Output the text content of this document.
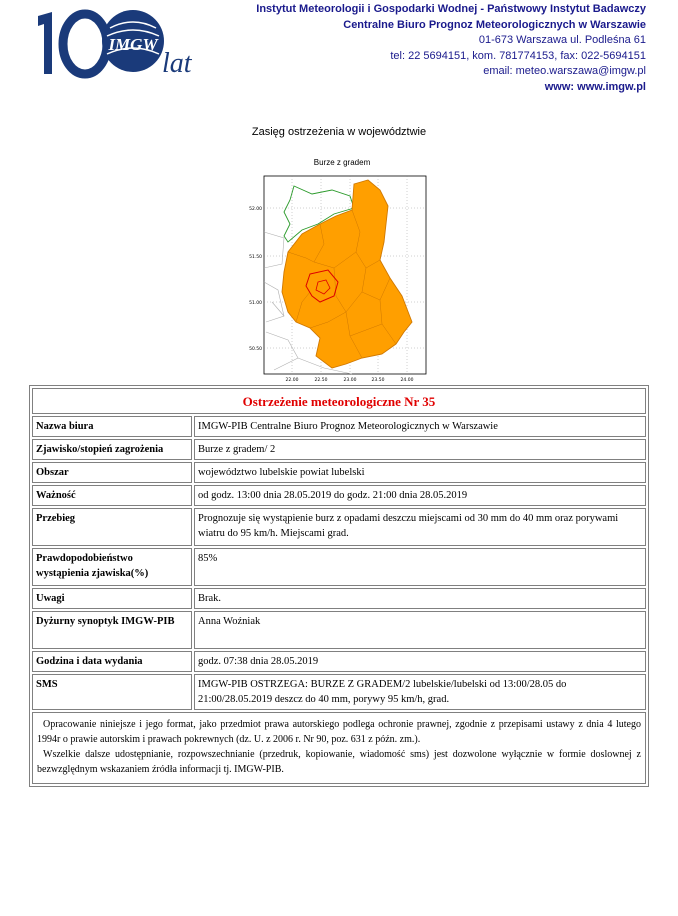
IMGW
lat
Instytut Meteorologii i Gospodarki Wodnej - Państwowy Instytut Badawczy
Centralne Biuro Prognoz Meteorologicznych w Warszawie
01-673 Warszawa ul. Podleśna 61
tel: 22 5694151, kom. 781774153, fax: 022-5694151
email: meteo.warszawa@imgw.pl
www: www.imgw.pl
Zasięg ostrzeżenia w województwie
Burze z gradem
52.00
51.50
51.00
50.50
22.00	22.50	23.00	23.50	24.00
Ostrzeżenie meteorologiczne Nr 35	
Nazwa biura	IMGW-PIB Centralne Biuro Prognoz Meteorologicznych w Warszawie
Zjawisko/stopień zagrożenia	Burze z gradem/ 2
Obszar	województwo lubelskie powiat lubelski
Ważność	od godz. 13:00 dnia 28.05.2019 do godz. 21:00 dnia 28.05.2019
Przebieg	Prognozuje się wystąpienie burz z opadami deszczu miejscami od 30 mm do 40 mm oraz porywami wiatru do 95 km/h. Miejscami grad.
Prawdopodobieństwo wystąpienia zjawiska(%)	85%
Uwagi	Brak.
Dyżurny synoptyk IMGW-PIB	Anna Woźniak
Godzina i data wydania	godz. 07:38 dnia 28.05.2019
SMS	IMGW-PIB OSTRZEGA: BURZE Z GRADEM/2 lubelskie/lubelski od 13:00/28.05 do 21:00/28.05.2019 deszcz do 40 mm, porywy 95 km/h, grad.

Opracowanie niniejsze i jego format, jako przedmiot prawa autorskiego podlega ochronie prawnej, zgodnie z przepisami ustawy z dnia 4 lutego 1994r o prawie autorskim i prawach pokrewnych (dz. U. z 2006 r. Nr 90, poz. 631 z późn. zm.).

Wszelkie dalsze udostępnianie, rozpowszechnianie (przedruk, kopiowanie, wiadomość sms) jest dozwolone wyłącznie w formie doslownej z bezwzględnym wskazaniem źródła informacji tj. IMGW-PIB.	
